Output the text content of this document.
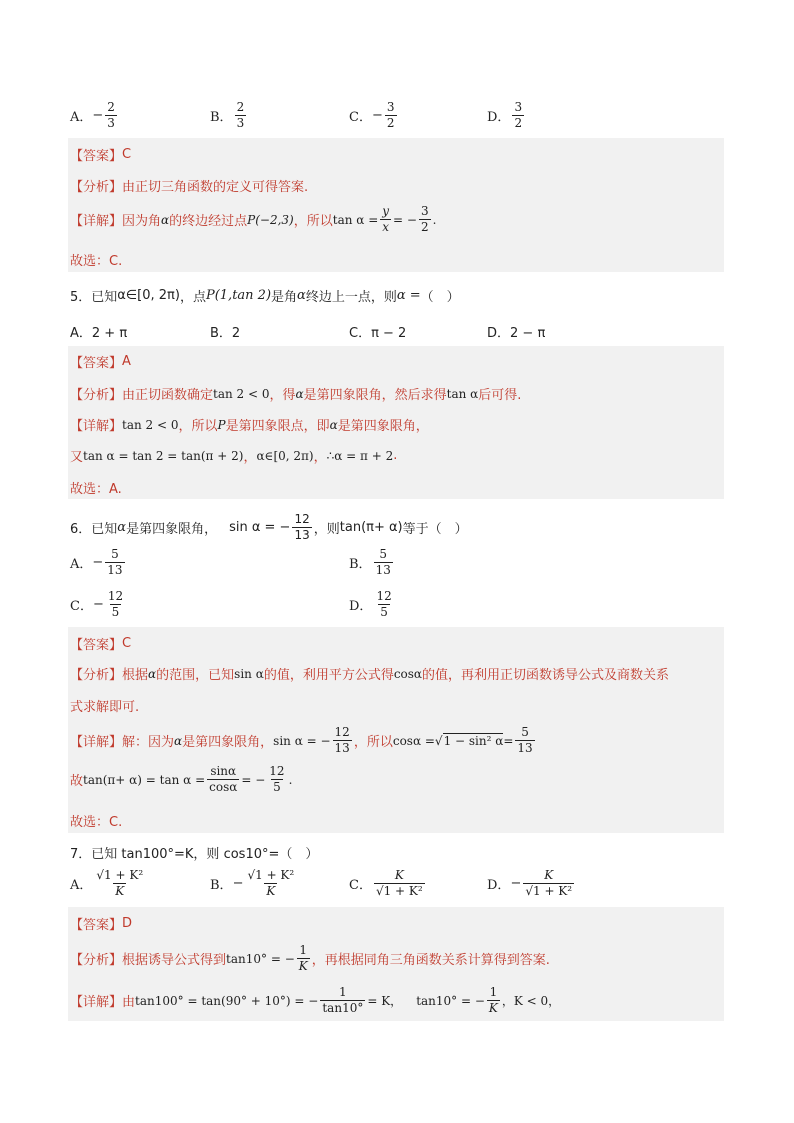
A． − $\frac{2}{3}$	B． $\frac{2}{3}$	C． − $\frac{3}{2}$	D． $\frac{3}{2}$
【答案】 C
【分析】 由正切三角函数的定义可得答案.
【详解】 因为角 α 的终边经过点 P(−2,3) ，所以 $\tan \alpha = \frac{y}{x}$ = − $\frac{3}{2}$ .
故选：C.
5．已知 α∈[0, 2π) ，点 P(1,tan 2) 是角 α 终边上一点，则 α = （　）
A．2 + π	B．2	C．π − 2	D．2 − π
【答案】 A
【分析】 由正切函数确定 tan 2 < 0 ，得 α 是第四象限角，然后求得 tan α 后可得.
【详解】 tan 2 < 0 ，所以 P 是第四象限点，即 α 是第四象限角，
又 tan α = tan 2 = tan(π + 2) ， α∈[0, 2π) ， ∴α = π + 2 .
故选：A.
6．已知 α 是第四象限角， sin α = − $\frac{12}{13}$ ，则 tan(π+ α) 等于（　）
A． − $\frac{5}{13}$	B． $\frac{5}{13}$
C． − $\frac{12}{5}$	D． $\frac{12}{5}$
【答案】 C
【分析】 根据 α 的范围，已知 sin α 的值，利用平方公式得 cosα 的值，再利用正切函数诱导公式及商数关系
式求解即可.
【详解】 解：因为 α 是第四象限角， sin α = − $\frac{12}{13}$ ，所以 cosα = √ 1 − sin² $\alpha = \frac{5}{13}$
故 $\tan(\pi+ \alpha) = \tan \alpha = \frac{\sin\alpha}{\cos\alpha}$ = − $\frac{12}{5}$ .
故选：C.
7．已知 tan100°=K，则 cos10°=（　）
A． $\frac{\text{√1 + K²}}{K}$	B． − $\frac{\text{√1 + K²}}{K}$	C． $\frac{K}{\text{√1 + K²}}$	D． − $\frac{K}{\text{√1 + K²}}$
【答案】 D
【分析】 根据诱导公式得到 tan10° = − $\frac{1}{K}$ ，再根据同角三角函数关系计算得到答案.
【详解】 由 tan100° = tan(90° + 10°) = − $\frac{1}{\tan 10^\circ} = K$， tan10° = − $\frac{1}{K}$ ，K < 0，
